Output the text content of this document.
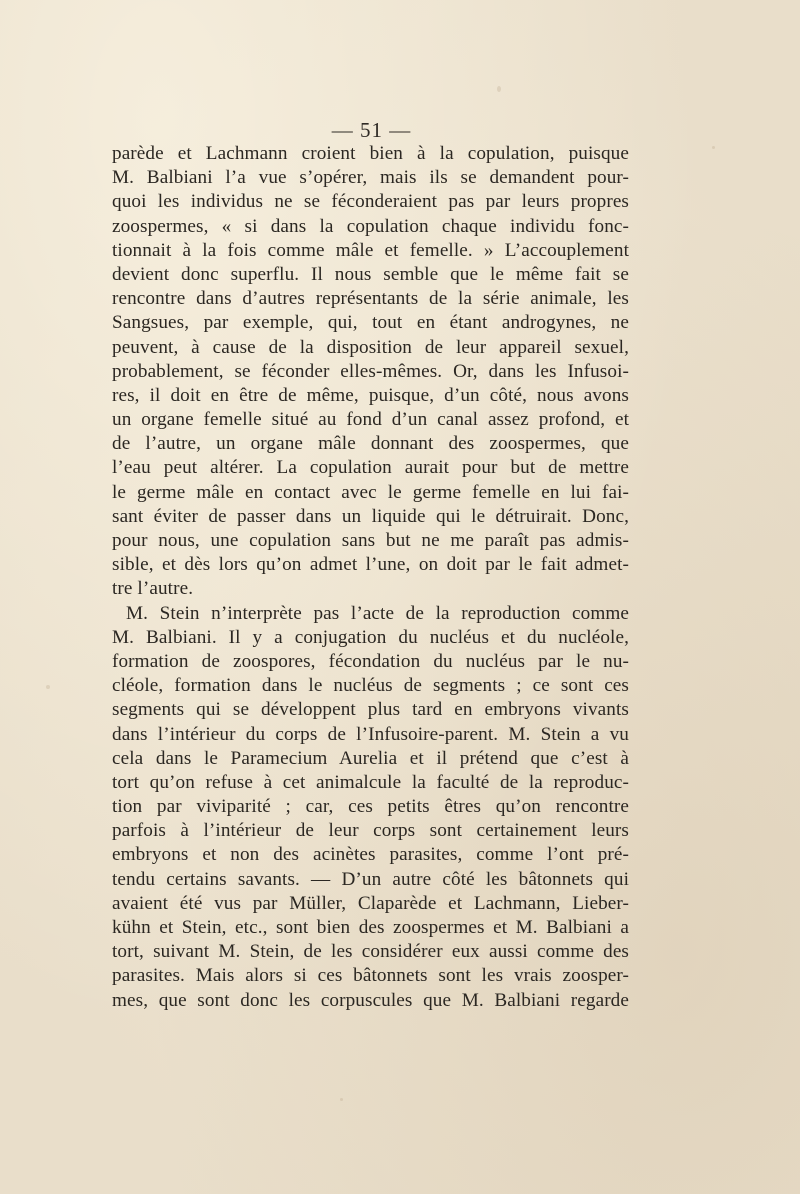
— 51 —
parède et Lachmann croient bien à la copulation, puisque
M. Balbiani l’a vue s’opérer, mais ils se demandent pour-
quoi les individus ne se féconderaient pas par leurs propres
zoospermes, « si dans la copulation chaque individu fonc-
tionnait à la fois comme mâle et femelle. » L’accouplement
devient donc superflu. Il nous semble que le même fait se
rencontre dans d’autres représentants de la série animale, les
Sangsues, par exemple, qui, tout en étant androgynes, ne
peuvent, à cause de la disposition de leur appareil sexuel,
probablement, se féconder elles-mêmes. Or, dans les Infusoi-
res, il doit en être de même, puisque, d’un côté, nous avons
un organe femelle situé au fond d’un canal assez profond, et
de l’autre, un organe mâle donnant des zoospermes, que
l’eau peut altérer. La copulation aurait pour but de mettre
le germe mâle en contact avec le germe femelle en lui fai-
sant éviter de passer dans un liquide qui le détruirait. Donc,
pour nous, une copulation sans but ne me paraît pas admis-
sible, et dès lors qu’on admet l’une, on doit par le fait admet-
tre l’autre.
M. Stein n’interprète pas l’acte de la reproduction comme
M. Balbiani. Il y a conjugation du nucléus et du nucléole,
formation de zoospores, fécondation du nucléus par le nu-
cléole, formation dans le nucléus de segments ; ce sont ces
segments qui se développent plus tard en embryons vivants
dans l’intérieur du corps de l’Infusoire-parent. M. Stein a vu
cela dans le Paramecium Aurelia et il prétend que c’est à
tort qu’on refuse à cet animalcule la faculté de la reproduc-
tion par viviparité ; car, ces petits êtres qu’on rencontre
parfois à l’intérieur de leur corps sont certainement leurs
embryons et non des acinètes parasites, comme l’ont pré-
tendu certains savants. — D’un autre côté les bâtonnets qui
avaient été vus par Müller, Claparède et Lachmann, Lieber-
kühn et Stein, etc., sont bien des zoospermes et M. Balbiani a
tort, suivant M. Stein, de les considérer eux aussi comme des
parasites. Mais alors si ces bâtonnets sont les vrais zoosper-
mes, que sont donc les corpuscules que M. Balbiani regarde
